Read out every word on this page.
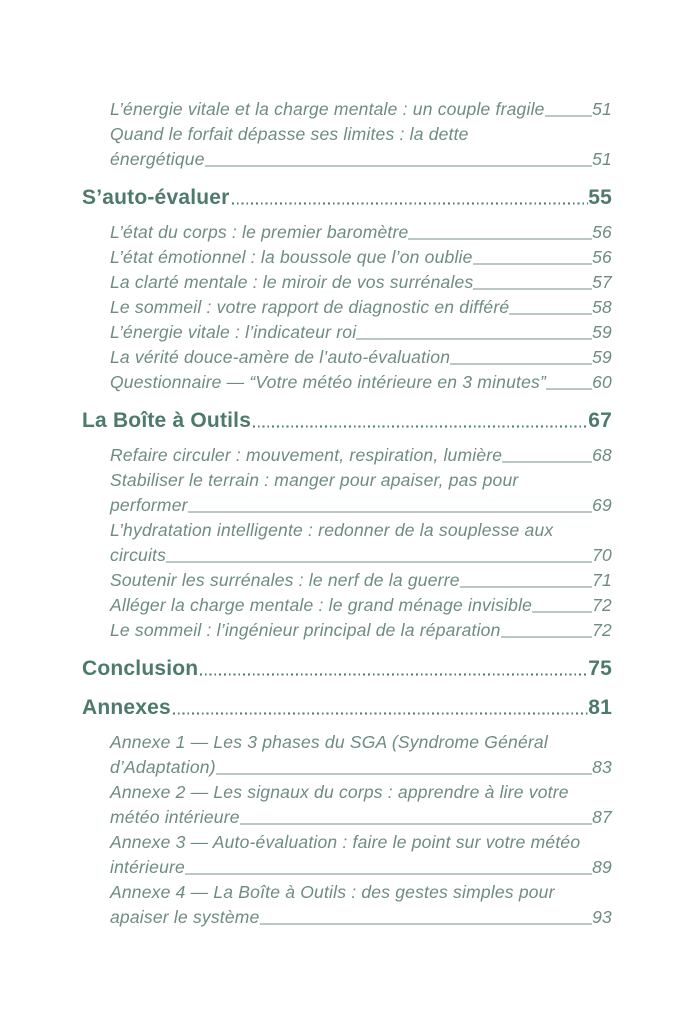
L’énergie vitale et la charge mentale : un couple fragile	51
Quand le forfait dépasse ses limites : la dette
énergétique	51
S’auto-évaluer	55
L’état du corps : le premier baromètre	56
L’état émotionnel : la boussole que l’on oublie	56
La clarté mentale : le miroir de vos surrénales	57
Le sommeil : votre rapport de diagnostic en différé	58
L’énergie vitale : l’indicateur roi	59
La vérité douce-amère de l’auto-évaluation	59
Questionnaire — “Votre météo intérieure en 3 minutes”	60
La Boîte à Outils	67
Refaire circuler : mouvement, respiration, lumière	68
Stabiliser le terrain : manger pour apaiser, pas pour
performer	69
L’hydratation intelligente : redonner de la souplesse aux
circuits	70
Soutenir les surrénales : le nerf de la guerre	71
Alléger la charge mentale : le grand ménage invisible	72
Le sommeil : l’ingénieur principal de la réparation	72
Conclusion	75
Annexes	81
Annexe 1 — Les 3 phases du SGA (Syndrome Général
d’Adaptation)	83
Annexe 2 — Les signaux du corps : apprendre à lire votre
météo intérieure	87
Annexe 3 — Auto-évaluation : faire le point sur votre météo
intérieure	89
Annexe 4 — La Boîte à Outils : des gestes simples pour
apaiser le système	93
